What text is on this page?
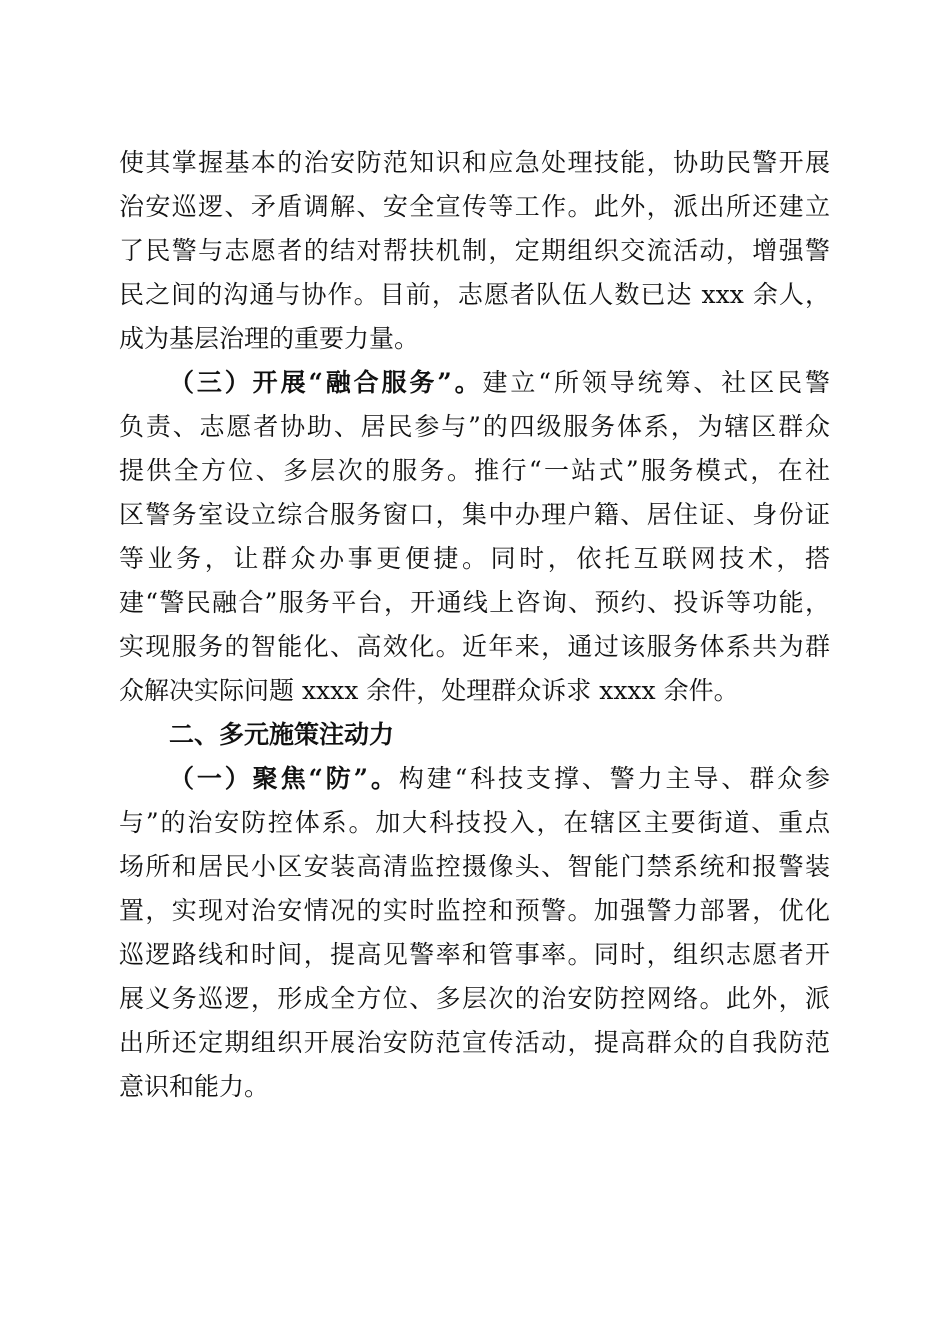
使其掌握基本的治安防范知识和应急处理技能，协助民警开展
治安巡逻、矛盾调解、安全宣传等工作。此外，派出所还建立
了民警与志愿者的结对帮扶机制，定期组织交流活动，增强警
民之间的沟通与协作。目前，志愿者队伍人数已达 xxx 余人，
成为基层治理的重要力量。
（三）开展“融合服务”。建立“所领导统筹、社区民警
负责、志愿者协助、居民参与”的四级服务体系，为辖区群众
提供全方位、多层次的服务。推行“一站式”服务模式，在社
区警务室设立综合服务窗口，集中办理户籍、居住证、身份证
等业务，让群众办事更便捷。同时，依托互联网技术，搭
建“警民融合”服务平台，开通线上咨询、预约、投诉等功能，
实现服务的智能化、高效化。近年来，通过该服务体系共为群
众解决实际问题 xxxx 余件，处理群众诉求 xxxx 余件。
二、多元施策注动力
（一）聚焦“防”。构建“科技支撑、警力主导、群众参
与”的治安防控体系。加大科技投入，在辖区主要街道、重点
场所和居民小区安装高清监控摄像头、智能门禁系统和报警装
置，实现对治安情况的实时监控和预警。加强警力部署，优化
巡逻路线和时间，提高见警率和管事率。同时，组织志愿者开
展义务巡逻，形成全方位、多层次的治安防控网络。此外，派
出所还定期组织开展治安防范宣传活动，提高群众的自我防范
意识和能力。
